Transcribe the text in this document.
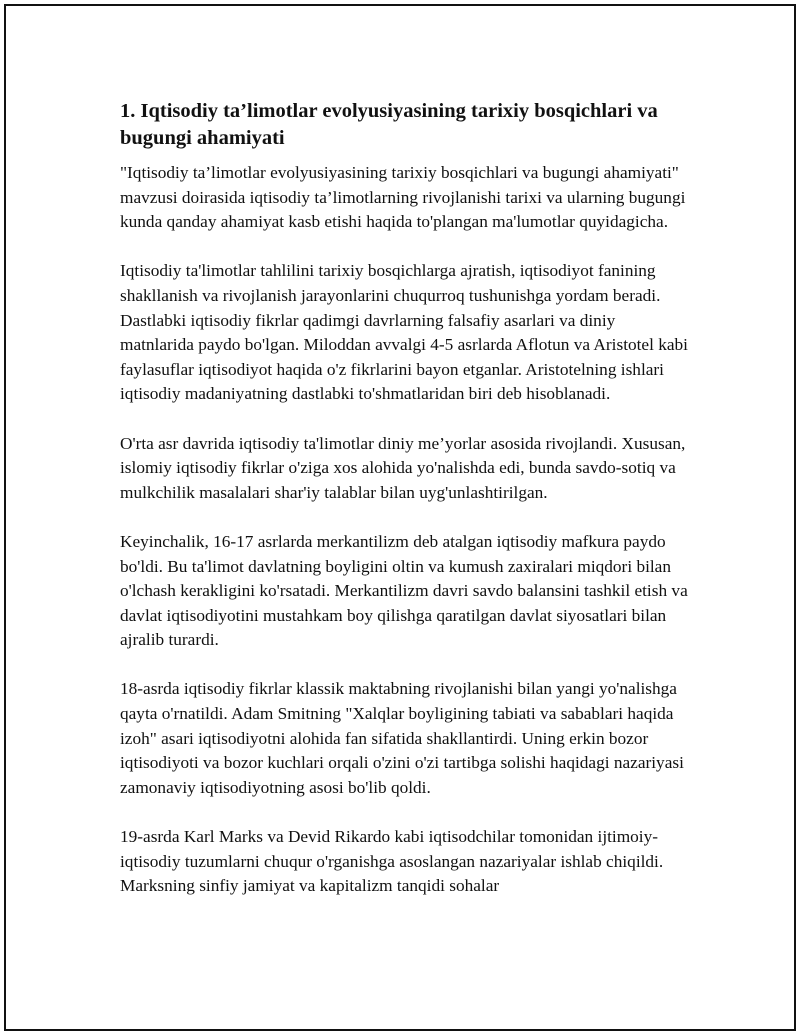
1. Iqtisodiy ta’limotlar evolyusiyasining tarixiy bosqichlari va bugungi ahamiyati

"Iqtisodiy ta’limotlar evolyusiyasining tarixiy bosqichlari va bugungi ahamiyati" mavzusi doirasida iqtisodiy ta’limotlarning rivojlanishi tarixi va ularning bugungi kunda qanday ahamiyat kasb etishi haqida to'plangan ma'lumotlar quyidagicha.

Iqtisodiy ta'limotlar tahlilini tarixiy bosqichlarga ajratish, iqtisodiyot fanining shakllanish va rivojlanish jarayonlarini chuqurroq tushunishga yordam beradi. Dastlabki iqtisodiy fikrlar qadimgi davrlarning falsafiy asarlari va diniy matnlarida paydo bo'lgan. Miloddan avvalgi 4-5 asrlarda Aflotun va Aristotel kabi faylasuflar iqtisodiyot haqida o'z fikrlarini bayon etganlar. Aristotelning ishlari iqtisodiy madaniyatning dastlabki to'shmatlaridan biri deb hisoblanadi.

O'rta asr davrida iqtisodiy ta'limotlar diniy me’yorlar asosida rivojlandi. Xususan, islomiy iqtisodiy fikrlar o'ziga xos alohida yo'nalishda edi, bunda savdo-sotiq va mulkchilik masalalari shar'iy talablar bilan uyg'unlashtirilgan.

Keyinchalik, 16-17 asrlarda merkantilizm deb atalgan iqtisodiy mafkura paydo bo'ldi. Bu ta'limot davlatning boyligini oltin va kumush zaxiralari miqdori bilan o'lchash kerakligini ko'rsatadi. Merkantilizm davri savdo balansini tashkil etish va davlat iqtisodiyotini mustahkam boy qilishga qaratilgan davlat siyosatlari bilan ajralib turardi.

18-asrda iqtisodiy fikrlar klassik maktabning rivojlanishi bilan yangi yo'nalishga qayta o'rnatildi. Adam Smitning "Xalqlar boyligining tabiati va sabablari haqida izoh" asari iqtisodiyotni alohida fan sifatida shakllantirdi. Uning erkin bozor iqtisodiyoti va bozor kuchlari orqali o'zini o'zi tartibga solishi haqidagi nazariyasi zamonaviy iqtisodiyotning asosi bo'lib qoldi.

19-asrda Karl Marks va Devid Rikardo kabi iqtisodchilar tomonidan ijtimoiy-iqtisodiy tuzumlarni chuqur o'rganishga asoslangan nazariyalar ishlab chiqildi. Marksning sinfiy jamiyat va kapitalizm tanqidi sohalar
